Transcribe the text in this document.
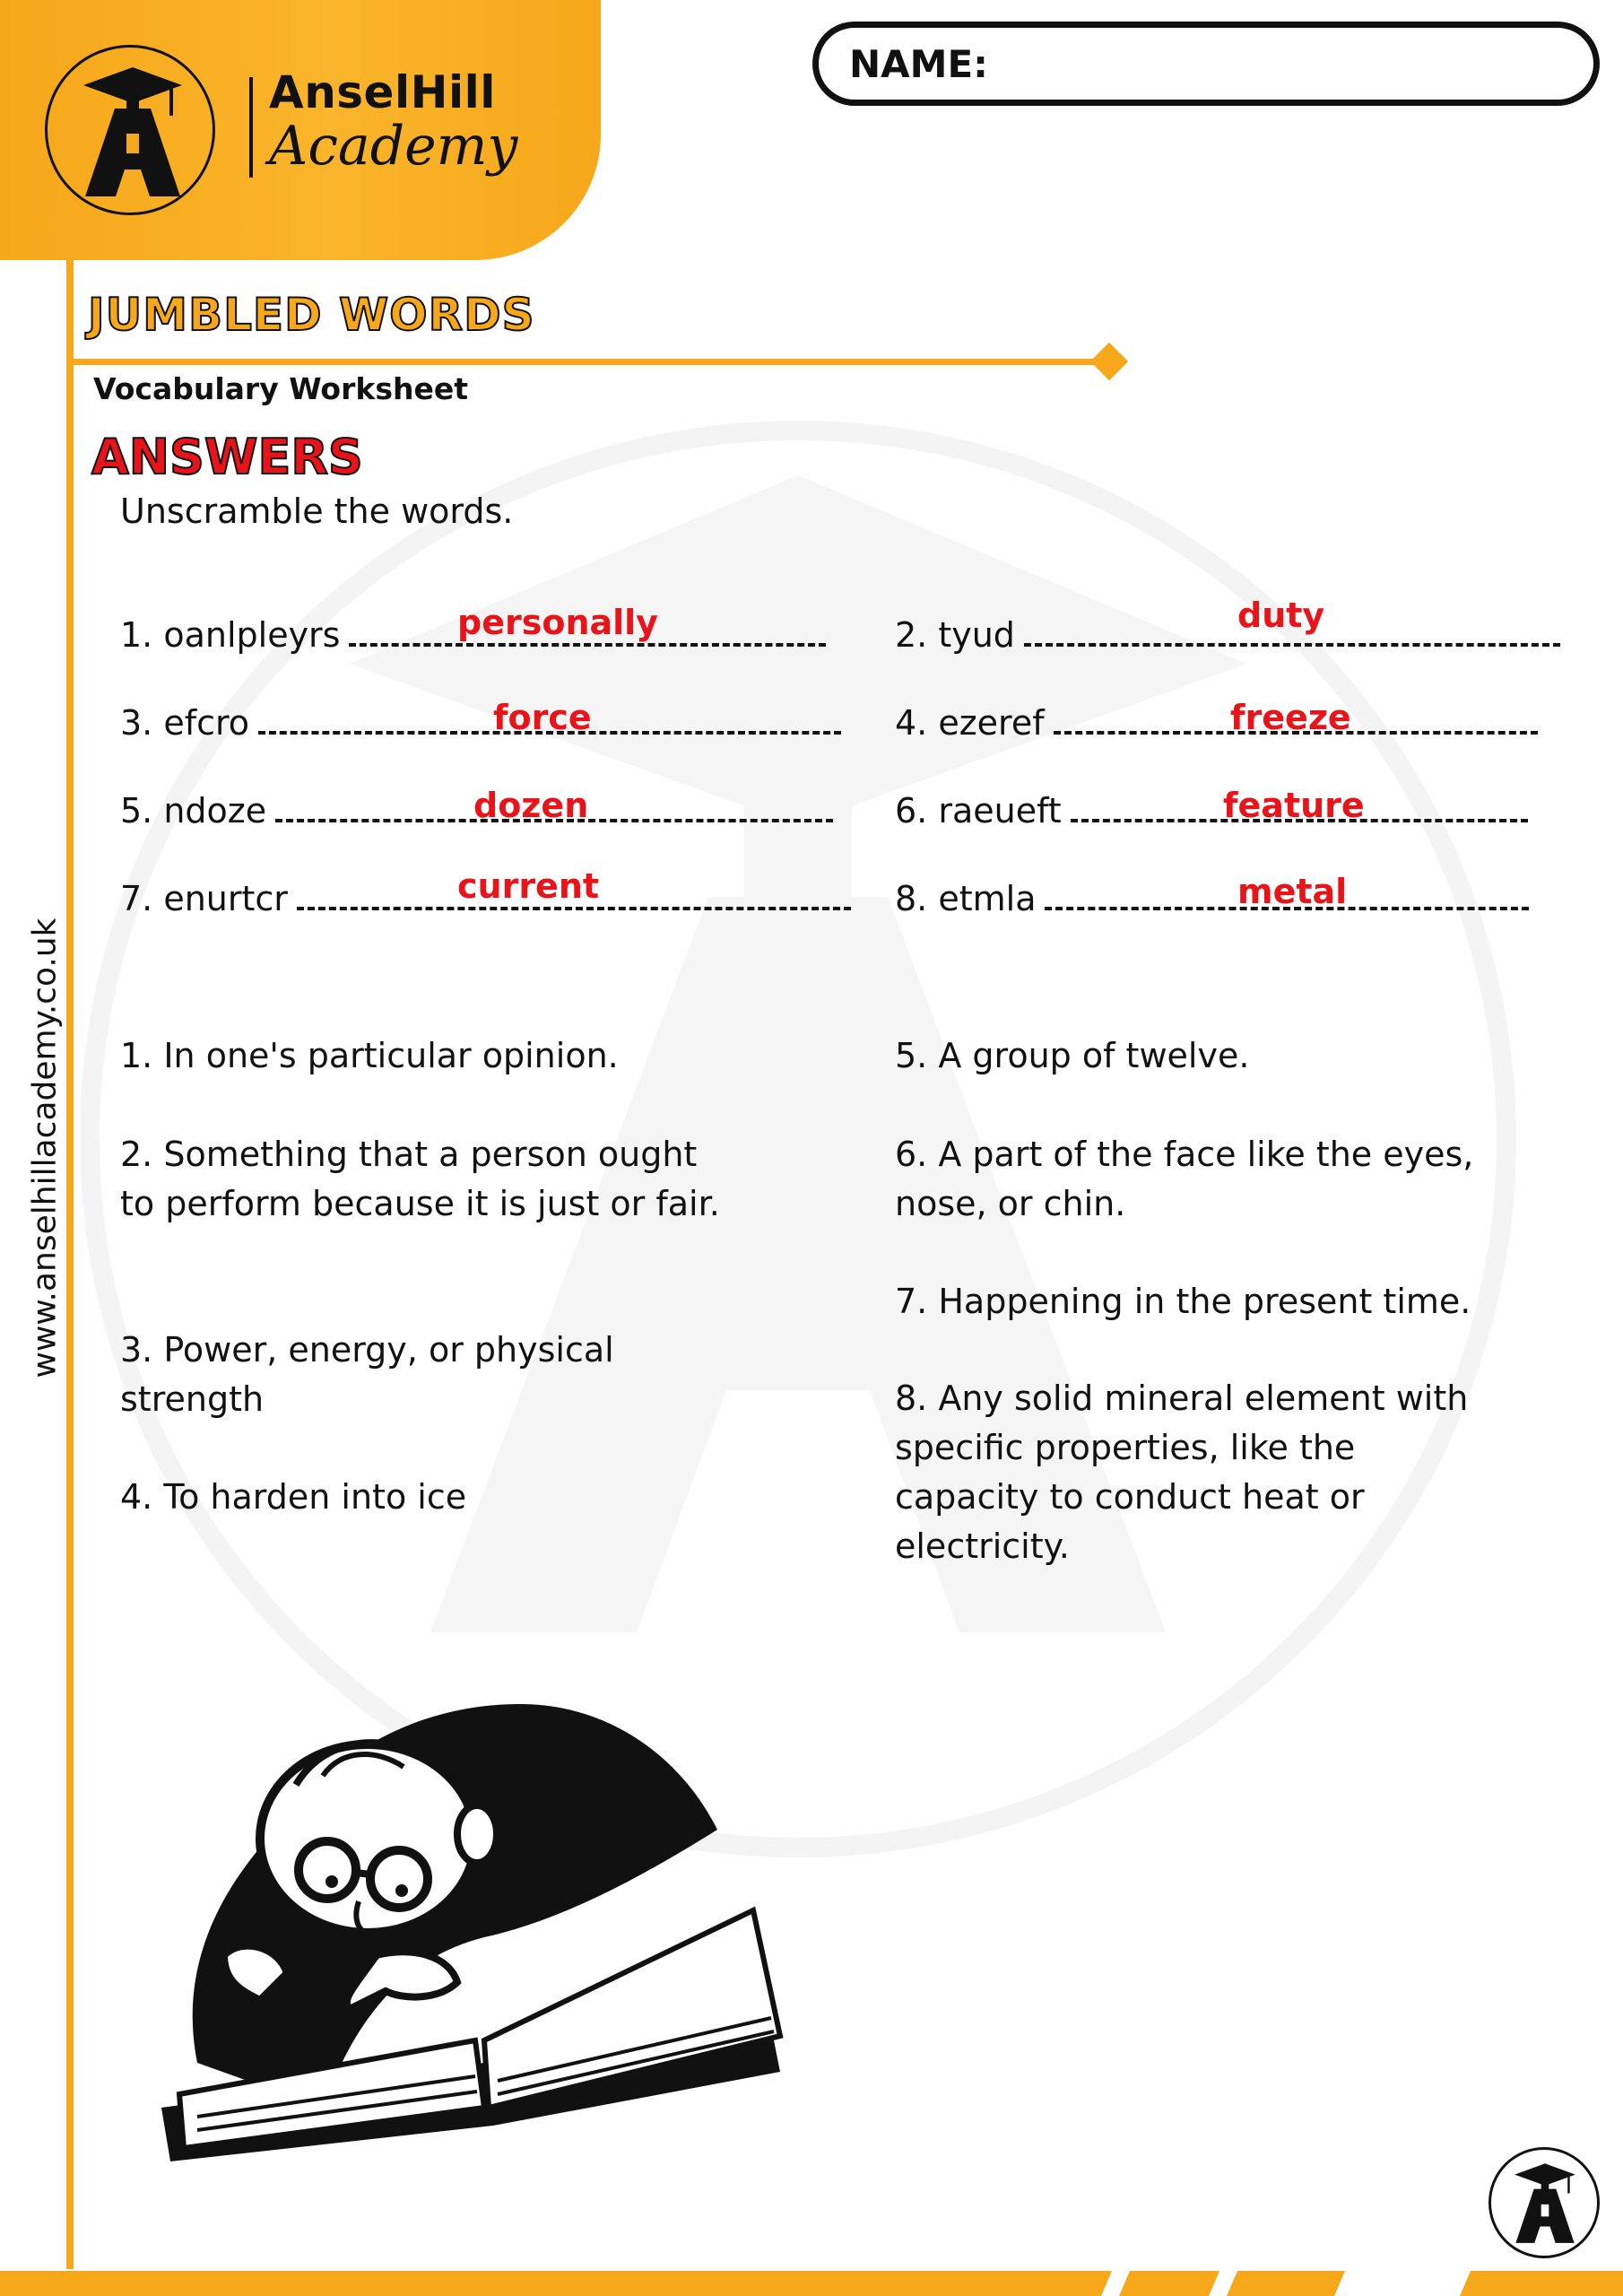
AnselHill
Academy
NAME:
www.anselhillacademy.co.uk
JUMBLED WORDS
Vocabulary Worksheet
ANSWERS
Unscramble the words.
1. oanlpleyrs	personally
3. efcro	force
5. ndoze	dozen
7. enurtcr	current
2. tyud	duty
4. ezeref	freeze
6. raeueft	feature
8. etmla	metal
1. In one's particular opinion.
2. Something that a person ought to perform because it is just or fair.
3. Power, energy, or physical strength
4. To harden into ice
5. A group of twelve.
6. A part of the face like the eyes, nose, or chin.
7. Happening in the present time.
8. Any solid mineral element with specific properties, like the capacity to conduct heat or electricity.
